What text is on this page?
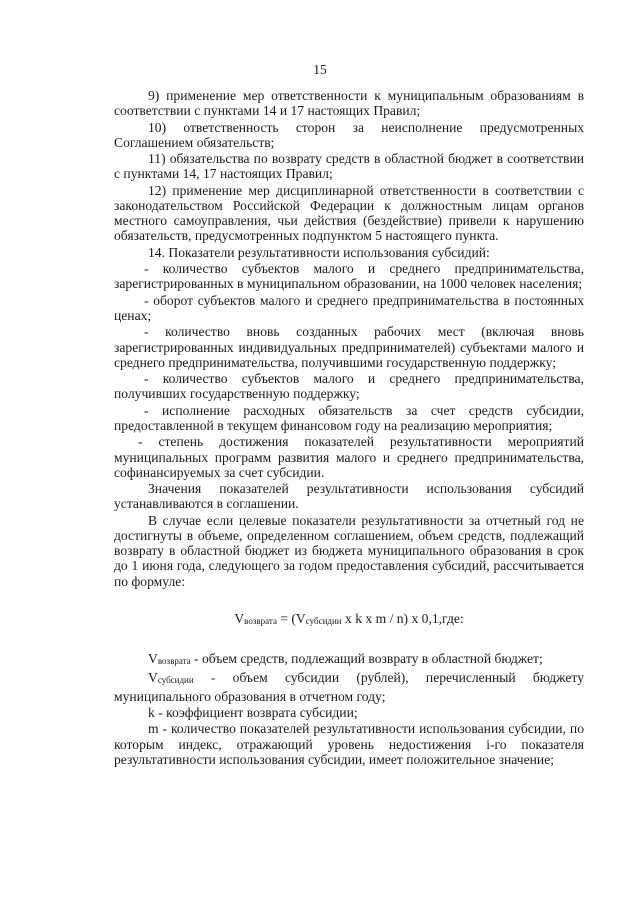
15

9) применение мер ответственности к муниципальным образованиям в соответствии с пунктами 14 и 17 настоящих Правил;

10) ответственность сторон за неисполнение предусмотренных Соглашением обязательств;

11) обязательства по возврату средств в областной бюджет в соответствии с пунктами 14, 17 настоящих Правил;

12) применение мер дисциплинарной ответственности в соответствии с законодательством Российской Федерации к должностным лицам органов местного самоуправления, чьи действия (бездействие) привели к нарушению обязательств, предусмотренных подпунктом 5 настоящего пункта.

14. Показатели результативности использования субсидий:

- количество субъектов малого и среднего предпринимательства, зарегистрированных в муниципальном образовании, на 1000 человек населения;

- оборот субъектов малого и среднего предпринимательства в постоянных ценах;

- количество вновь созданных рабочих мест (включая вновь зарегистрированных индивидуальных предпринимателей) субъектами малого и среднего предпринимательства, получившими государственную поддержку;

- количество субъектов малого и среднего предпринимательства, получивших государственную поддержку;

- исполнение расходных обязательств за счет средств субсидии, предоставленной в текущем финансовом году на реализацию мероприятия;

- степень достижения показателей результативности мероприятий муниципальных программ развития малого и среднего предпринимательства, софинансируемых за счет субсидии.

Значения показателей результативности использования субсидий устанавливаются в соглашении.

В случае если целевые показатели результативности за отчетный год не достигнуты в объеме, определенном соглашением, объем средств, подлежащий возврату в областной бюджет из бюджета муниципального образования в срок до 1 июня года, следующего за годом предоставления субсидий, рассчитывается по формуле:

$V_{возврата} = (V_{субсидии}$ x k x m / n) x 0,1,где:

$V_{возврата}$ - объем средств, подлежащий возврату в областной бюджет;

$V_{субсидии}$ - объем субсидии (рублей), перечисленный бюджету муниципального образования в отчетном году;

k - коэффициент возврата субсидии;

m - количество показателей результативности использования субсидии, по которым индекс, отражающий уровень недостижения i-го показателя результативности использования субсидии, имеет положительное значение;
